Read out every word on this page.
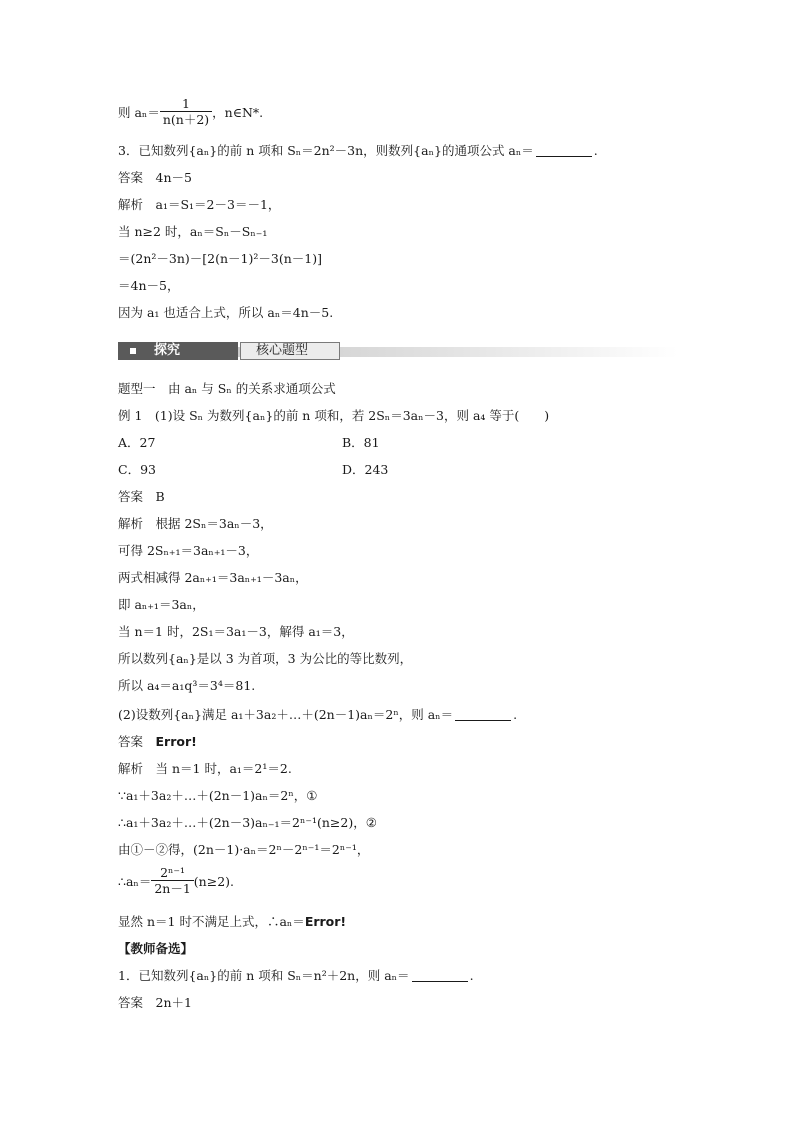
则 $a_n= \frac{1}{n(n+2)}$ ，n∈N*.
3．已知数列{aₙ}的前 n 项和 Sₙ＝2n²－3n，则数列{aₙ}的通项公式 aₙ＝	.
答案　4n－5
解析　a₁＝S₁＝2－3＝－1，
当 n≥2 时，aₙ＝Sₙ－Sₙ₋₁
＝(2n²－3n)－[2(n－1)²－3(n－1)]
＝4n－5，
因为 a₁ 也适合上式，所以 aₙ＝4n－5.
探究	核心题型
题型一　由 aₙ 与 Sₙ 的关系求通项公式
例 1　(1)设 Sₙ 为数列{aₙ}的前 n 项和，若 2Sₙ＝3aₙ－3，则 a₄ 等于(　　)
A．27	B．81
C．93	D．243
答案　B
解析　根据 2Sₙ＝3aₙ－3，
可得 2Sₙ₊₁＝3aₙ₊₁－3，
两式相减得 2aₙ₊₁＝3aₙ₊₁－3aₙ，
即 aₙ₊₁＝3aₙ，
当 n＝1 时，2S₁＝3a₁－3，解得 a₁＝3，
所以数列{aₙ}是以 3 为首项，3 为公比的等比数列，
所以 a₄＝a₁q³＝3⁴＝81.
(2)设数列{aₙ}满足 a₁＋3a₂＋…＋(2n－1)aₙ＝2ⁿ，则 aₙ＝	.
答案　Error!
解析　当 n＝1 时，a₁＝2¹＝2.
∵a₁＋3a₂＋…＋(2n－1)aₙ＝2ⁿ，①
∴a₁＋3a₂＋…＋(2n－3)aₙ₋₁＝2ⁿ⁻¹(n≥2)，②
由①－②得，(2n－1)·aₙ＝2ⁿ－2ⁿ⁻¹＝2ⁿ⁻¹，
∴aₙ＝ $\frac{\text{2ⁿ⁻¹}}{2n-1} (n\ge 2)$.
显然 n＝1 时不满足上式，∴aₙ＝Error!
【教师备选】
1．已知数列{aₙ}的前 n 项和 Sₙ＝n²＋2n，则 aₙ＝	.
答案　2n＋1
